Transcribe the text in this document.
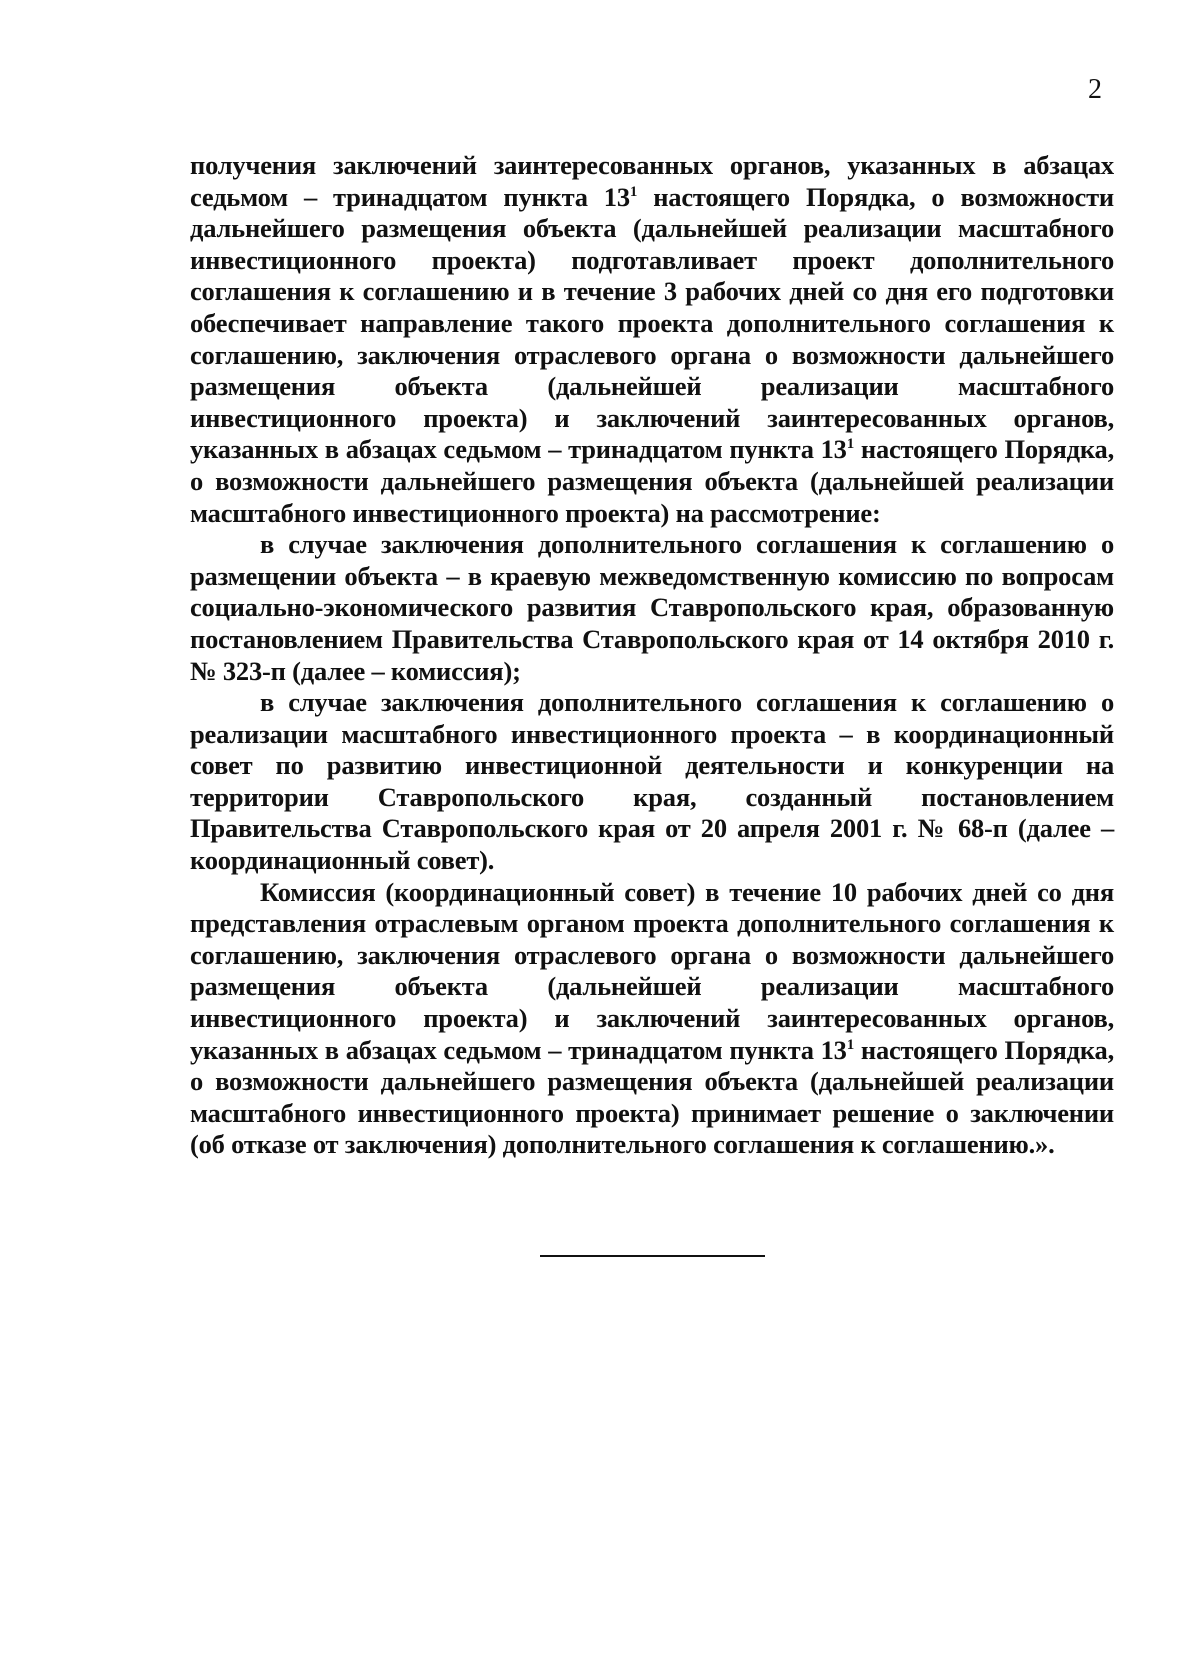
2

получения заключений заинтересованных органов, указанных в абзацах седьмом – тринадцатом пункта $13^1$ настоящего Порядка, о возможности дальнейшего размещения объекта (дальнейшей реализации масштабного инвестиционного проекта) подготавливает проект дополнительного соглашения к соглашению и в течение 3 рабочих дней со дня его подготовки обеспечивает направление такого проекта дополнительного соглашения к соглашению, заключения отраслевого органа о возможности дальнейшего размещения объекта (дальнейшей реализации масштабного инвестиционного проекта) и заключений заинтересованных органов, указанных в абзацах седьмом – тринадцатом пункта $13^1$ настоящего Порядка, о возможности дальнейшего размещения объекта (дальнейшей реализации масштабного инвестиционного проекта) на рассмотрение:

в случае заключения дополнительного соглашения к соглашению о размещении объекта – в краевую межведомственную комиссию по вопросам социально-экономического развития Ставропольского края, образованную постановлением Правительства Ставропольского края от 14 октября 2010 г. № 323-п (далее – комиссия);

в случае заключения дополнительного соглашения к соглашению о реализации масштабного инвестиционного проекта – в координационный совет по развитию инвестиционной деятельности и конкуренции на территории Ставропольского края, созданный постановлением Правительства Ставропольского края от 20 апреля 2001 г. № 68-п (далее – координационный совет).

Комиссия (координационный совет) в течение 10 рабочих дней со дня представления отраслевым органом проекта дополнительного соглашения к соглашению, заключения отраслевого органа о возможности дальнейшего размещения объекта (дальнейшей реализации масштабного инвестиционного проекта) и заключений заинтересованных органов, указанных в абзацах седьмом – тринадцатом пункта $13^1$ настоящего Порядка, о возможности дальнейшего размещения объекта (дальнейшей реализации масштабного инвестиционного проекта) принимает решение о заключении (об отказе от заключения) дополнительного соглашения к соглашению.».
